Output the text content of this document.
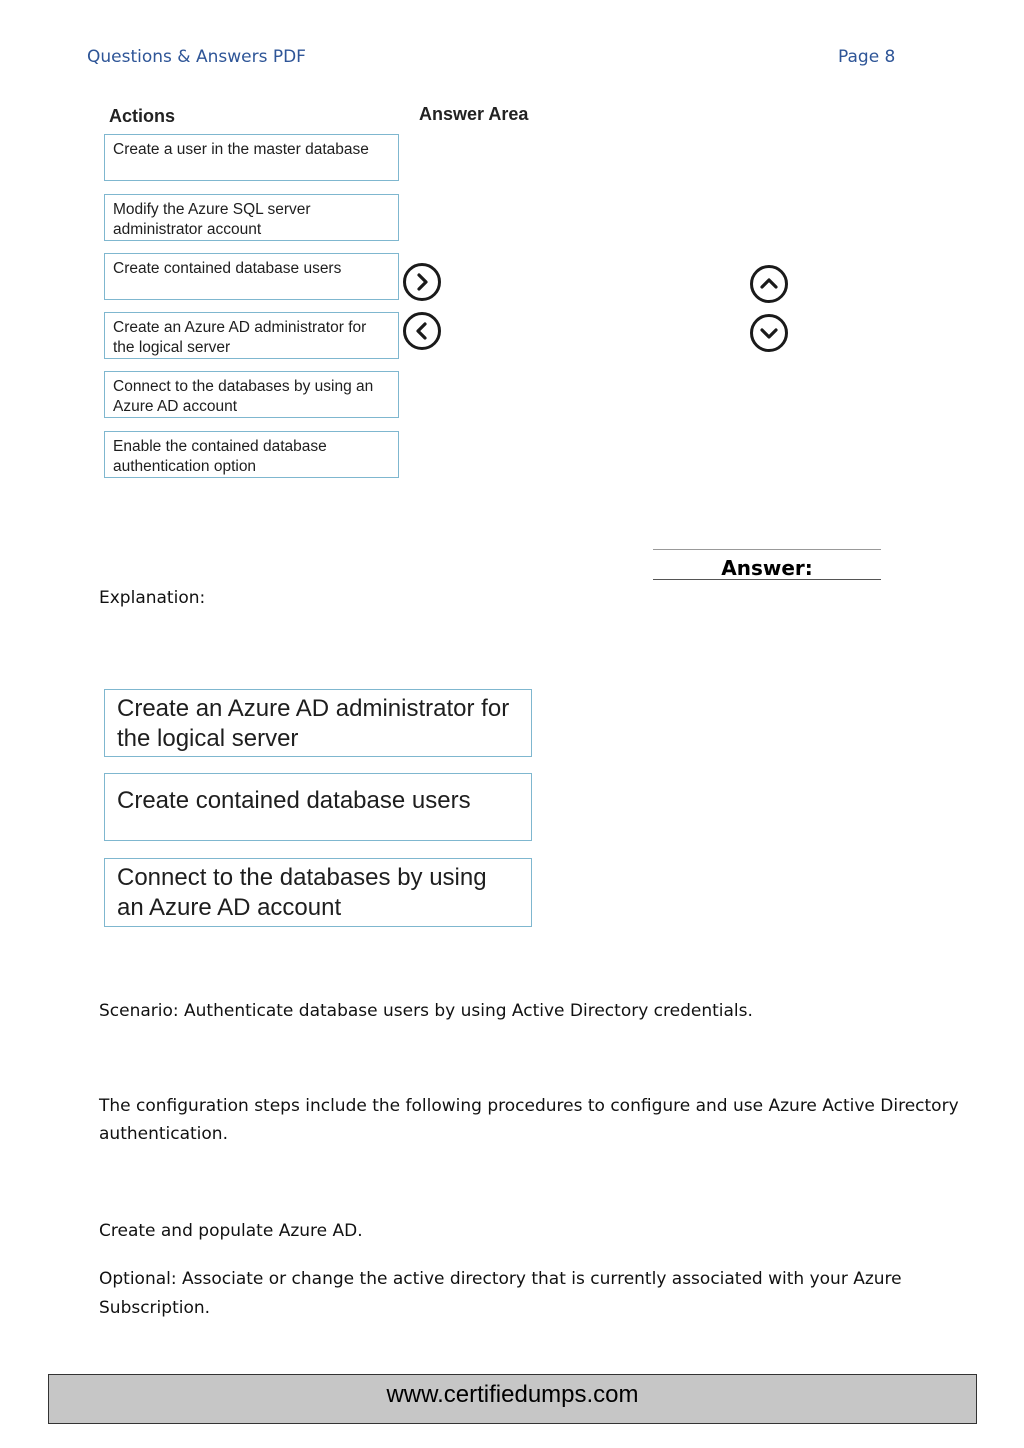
Questions & Answers PDF	Page 8
Actions	Answer Area
Create a user in the master database
Modify the Azure SQL server administrator account
Create contained database users
Create an Azure AD administrator for the logical server
Connect to the databases by using an Azure AD account
Enable the contained database authentication option
Answer:
Explanation:
Create an Azure AD administrator for the logical server
Create contained database users
Connect to the databases by using an Azure AD account
Scenario: Authenticate database users by using Active Directory credentials.
The configuration steps include the following procedures to configure and use Azure Active Directory authentication.
Create and populate Azure AD.
Optional: Associate or change the active directory that is currently associated with your Azure Subscription.
www.certifiedumps.com
